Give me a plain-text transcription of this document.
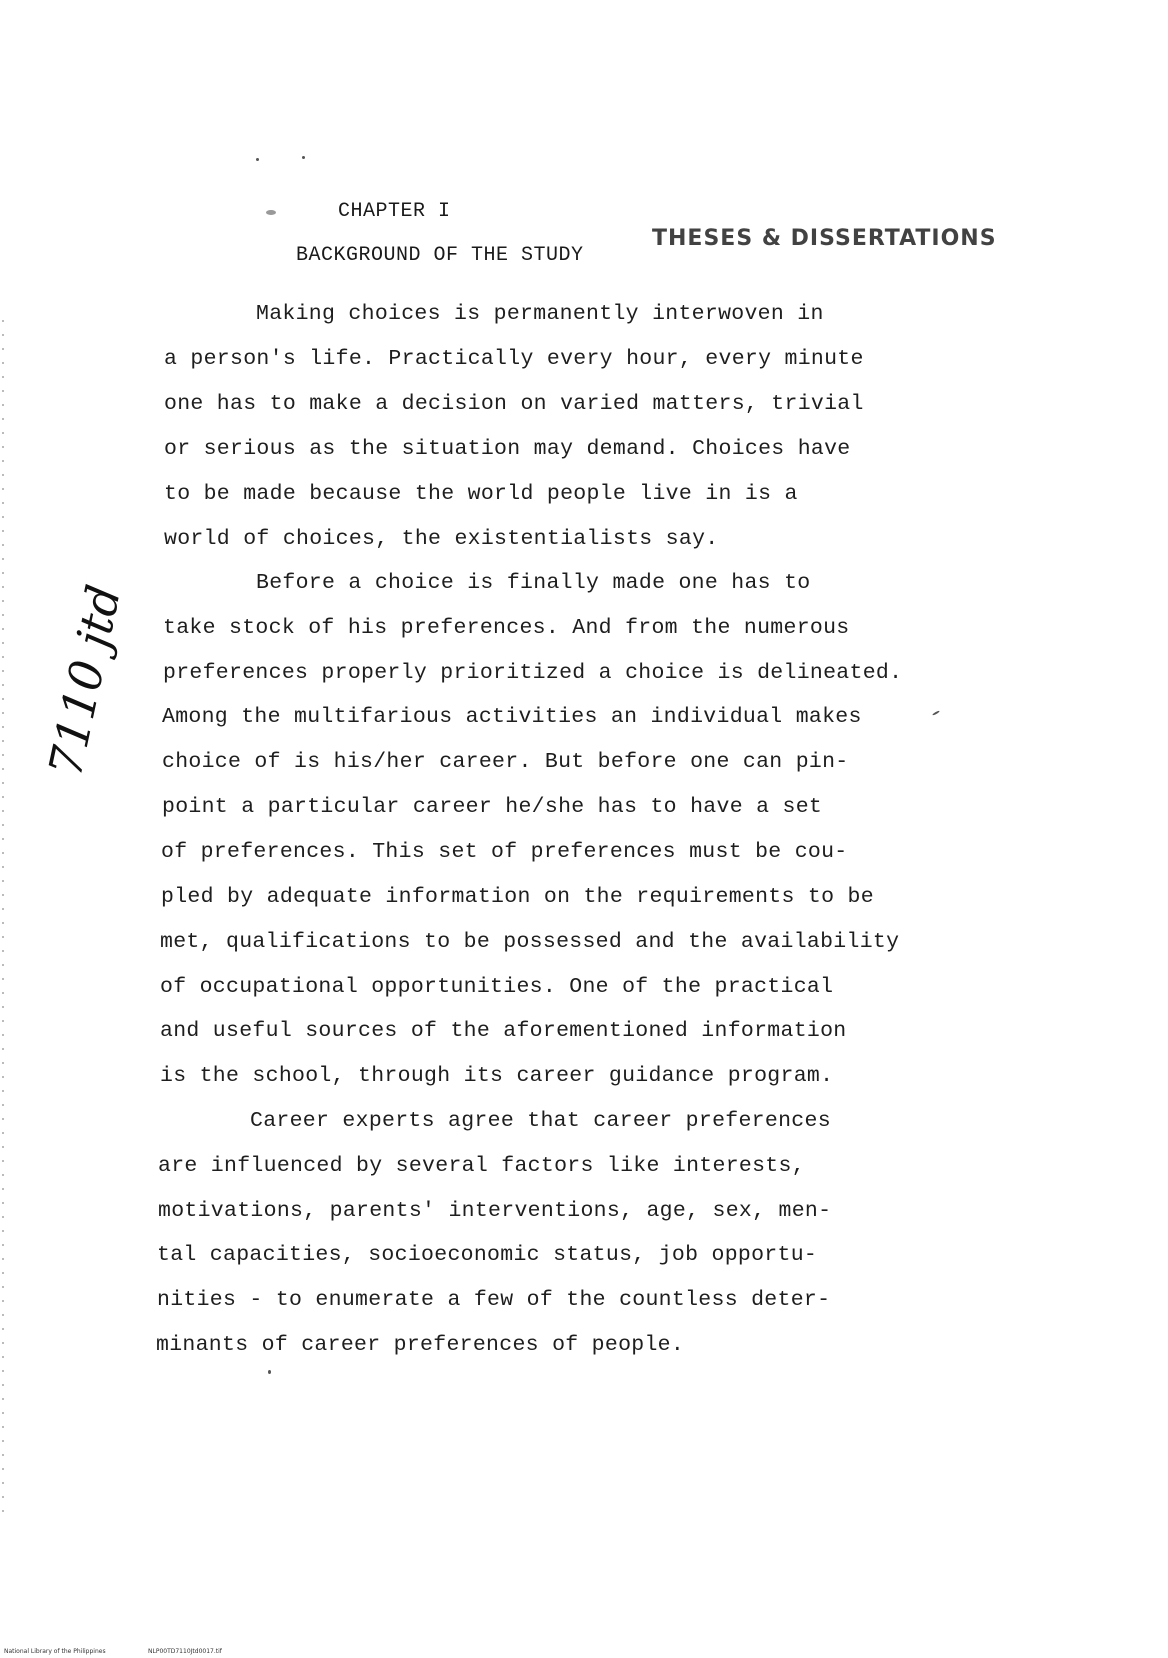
CHAPTER I
BACKGROUND OF THE STUDY
THESES & DISSERTATIONS
7110 jtd
Making choices is permanently interwoven in
a person's life. Practically every hour, every minute
one has to make a decision on varied matters, trivial
or serious as the situation may demand. Choices have
to be made because the world people live in is a
world of choices, the existentialists say.
Before a choice is finally made one has to
take stock of his preferences. And from the numerous
preferences properly prioritized a choice is delineated.
Among the multifarious activities an individual makes
choice of is his/her career. But before one can pin-
point a particular career he/she has to have a set
of preferences. This set of preferences must be cou-
pled by adequate information on the requirements to be
met, qualifications to be possessed and the availability
of occupational opportunities. One of the practical
and useful sources of the aforementioned information
is the school, through its career guidance program.
Career experts agree that career preferences
are influenced by several factors like interests,
motivations, parents' interventions, age, sex, men-
tal capacities, socioeconomic status, job opportu-
nities - to enumerate a few of the countless deter-
minants of career preferences of people.
National Library of the Philippines	NLP00TD7110Jtd0017.tif
